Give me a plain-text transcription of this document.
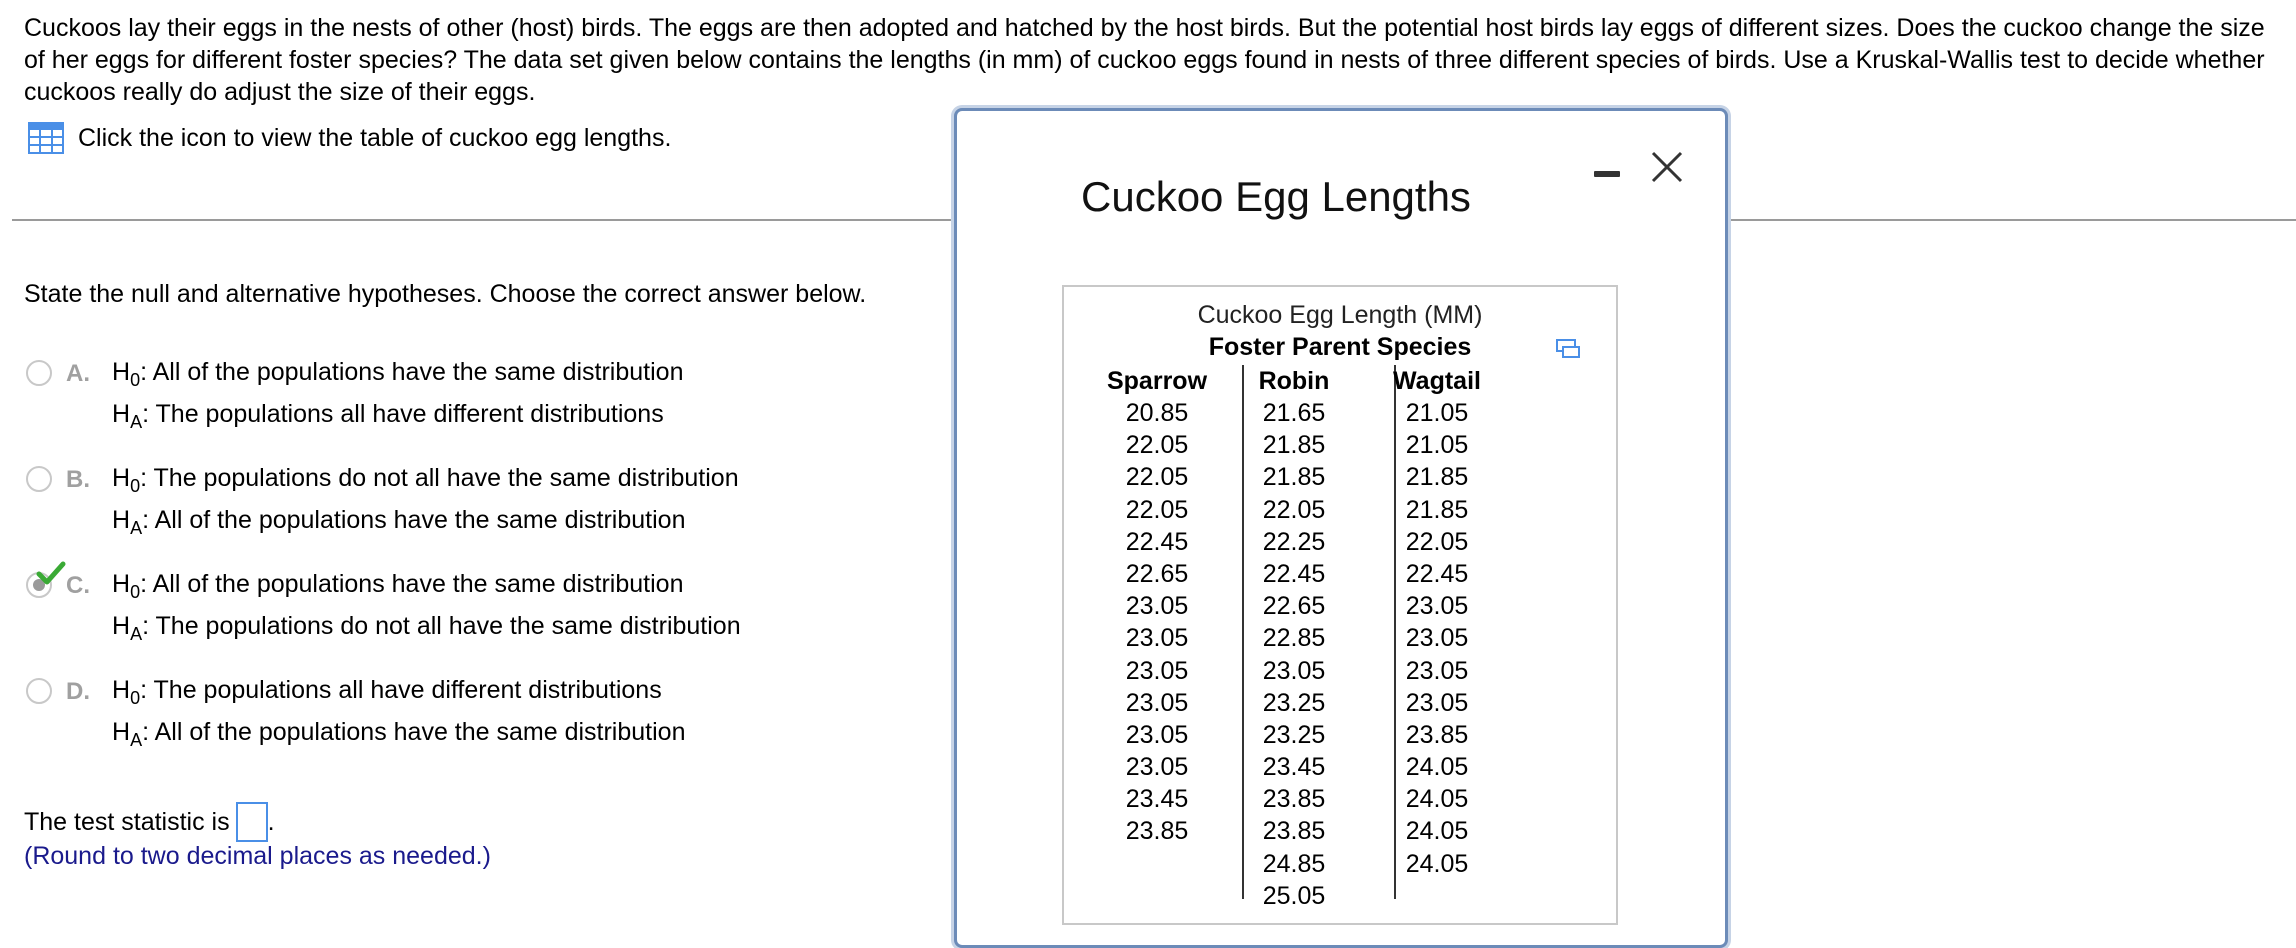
Cuckoos lay their eggs in the nests of other (host) birds. The eggs are then adopted and hatched by the host birds. But the potential host birds lay eggs of different sizes. Does the cuckoo change the size of her eggs for different foster species? The data set given below contains the lengths (in mm) of cuckoo eggs found in nests of three different species of birds. Use a Kruskal-Wallis test to decide whether cuckoos really do adjust the size of their eggs.

Click the icon to view the table of cuckoo egg lengths.
State the null and alternative hypotheses. Choose the correct answer below.
A. $H_0$: All of the populations have the same distribution
$H_A$: The populations all have different distributions
B. $H_0$: The populations do not all have the same distribution
$H_A$: All of the populations have the same distribution
C. $H_0$: All of the populations have the same distribution
$H_A$: The populations do not all have the same distribution
D. $H_0$: The populations all have different distributions
$H_A$: All of the populations have the same distribution
The test statistic is .
(Round to two decimal places as needed.)
Cuckoo Egg Lengths
Cuckoo Egg Length (MM)
Foster Parent Species
Sparrow
20.85
22.05
22.05
22.05
22.45
22.65
23.05
23.05
23.05
23.05
23.05
23.05
23.45
23.85
Robin
21.65
21.85
21.85
22.05
22.25
22.45
22.65
22.85
23.05
23.25
23.25
23.45
23.85
23.85
24.85
25.05
Wagtail
21.05
21.05
21.85
21.85
22.05
22.45
23.05
23.05
23.05
23.05
23.85
24.05
24.05
24.05
24.05
